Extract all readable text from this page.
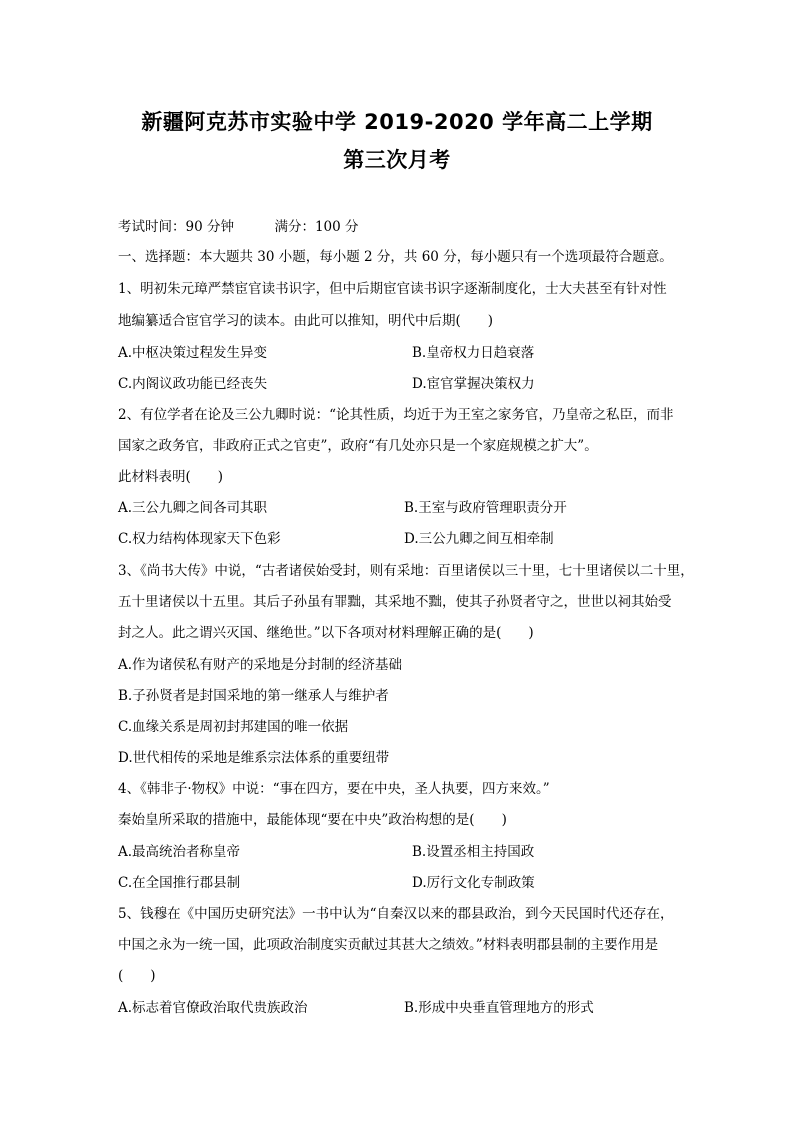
新疆阿克苏市实验中学 2019-2020 学年高二上学期
第三次月考
考试时间：90 分钟　　　满分：100 分
一、选择题：本大题共 30 小题，每小题 2 分，共 60 分，每小题只有一个选项最符合题意。
1、明初朱元璋严禁宦官读书识字，但中后期宦官读书识字逐渐制度化，士大夫甚至有针对性
地编纂适合宦官学习的读本。由此可以推知，明代中后期(　　)
A.中枢决策过程发生异变	B.皇帝权力日趋衰落
C.内阁议政功能已经丧失	D.宦官掌握决策权力
2、有位学者在论及三公九卿时说：“论其性质，均近于为王室之家务官，乃皇帝之私臣，而非
国家之政务官，非政府正式之官吏”，政府“有几处亦只是一个家庭规模之扩大”。
此材料表明(　　)
A.三公九卿之间各司其职	B.王室与政府管理职责分开
C.权力结构体现家天下色彩	D.三公九卿之间互相牵制
3、《尚书大传》中说，“古者诸侯始受封，则有采地：百里诸侯以三十里，七十里诸侯以二十里，
五十里诸侯以十五里。其后子孙虽有罪黜，其采地不黜，使其子孙贤者守之，世世以祠其始受
封之人。此之谓兴灭国、继绝世。”以下各项对材料理解正确的是(　　)
A.作为诸侯私有财产的采地是分封制的经济基础
B.子孙贤者是封国采地的第一继承人与维护者
C.血缘关系是周初封邦建国的唯一依据
D.世代相传的采地是维系宗法体系的重要纽带
4、《韩非子·物权》中说：“事在四方，要在中央，圣人执要，四方来效。”
秦始皇所采取的措施中，最能体现“要在中央”政治构想的是(　　)
A.最高统治者称皇帝	B.设置丞相主持国政
C.在全国推行郡县制	D.厉行文化专制政策
5、钱穆在《中国历史研究法》一书中认为“自秦汉以来的郡县政治，到今天民国时代还存在，
中国之永为一统一国，此项政治制度实贡献过其甚大之绩效。”材料表明郡县制的主要作用是
(　　)
A.标志着官僚政治取代贵族政治	B.形成中央垂直管理地方的形式
